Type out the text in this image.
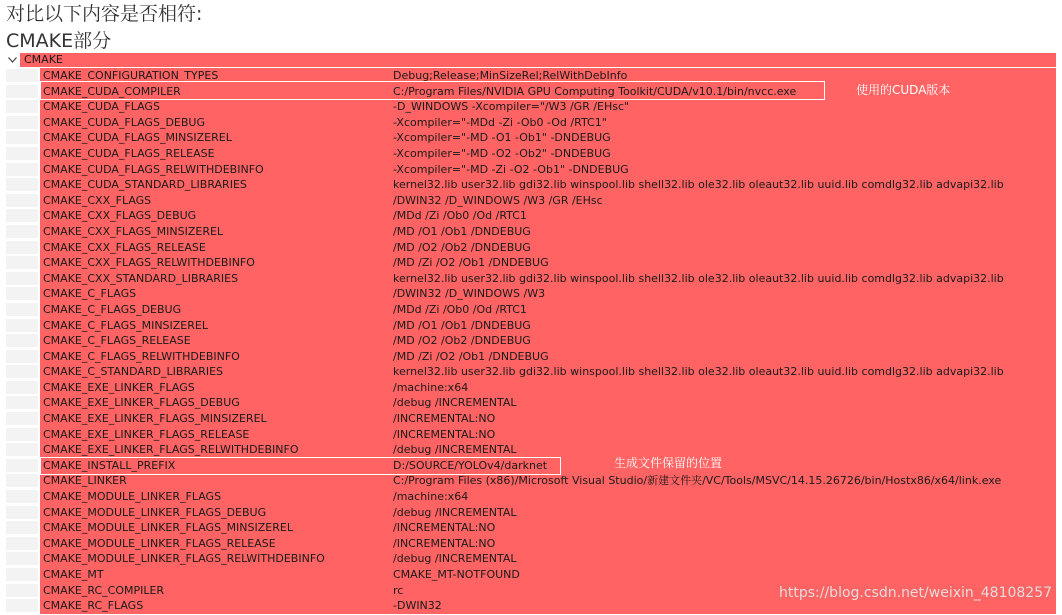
对比以下内容是否相符:
CMAKE部分
CMAKE
CMAKE_CONFIGURATION_TYPES	Debug;Release;MinSizeRel;RelWithDebInfo
CMAKE_CUDA_COMPILER	C:/Program Files/NVIDIA GPU Computing Toolkit/CUDA/v10.1/bin/nvcc.exe
CMAKE_CUDA_FLAGS	-D_WINDOWS -Xcompiler="/W3 /GR /EHsc"
CMAKE_CUDA_FLAGS_DEBUG	-Xcompiler="-MDd -Zi -Ob0 -Od /RTC1"
CMAKE_CUDA_FLAGS_MINSIZEREL	-Xcompiler="-MD -O1 -Ob1" -DNDEBUG
CMAKE_CUDA_FLAGS_RELEASE	-Xcompiler="-MD -O2 -Ob2" -DNDEBUG
CMAKE_CUDA_FLAGS_RELWITHDEBINFO	-Xcompiler="-MD -Zi -O2 -Ob1" -DNDEBUG
CMAKE_CUDA_STANDARD_LIBRARIES	kernel32.lib user32.lib gdi32.lib winspool.lib shell32.lib ole32.lib oleaut32.lib uuid.lib comdlg32.lib advapi32.lib
CMAKE_CXX_FLAGS	/DWIN32 /D_WINDOWS /W3 /GR /EHsc
CMAKE_CXX_FLAGS_DEBUG	/MDd /Zi /Ob0 /Od /RTC1
CMAKE_CXX_FLAGS_MINSIZEREL	/MD /O1 /Ob1 /DNDEBUG
CMAKE_CXX_FLAGS_RELEASE	/MD /O2 /Ob2 /DNDEBUG
CMAKE_CXX_FLAGS_RELWITHDEBINFO	/MD /Zi /O2 /Ob1 /DNDEBUG
CMAKE_CXX_STANDARD_LIBRARIES	kernel32.lib user32.lib gdi32.lib winspool.lib shell32.lib ole32.lib oleaut32.lib uuid.lib comdlg32.lib advapi32.lib
CMAKE_C_FLAGS	/DWIN32 /D_WINDOWS /W3
CMAKE_C_FLAGS_DEBUG	/MDd /Zi /Ob0 /Od /RTC1
CMAKE_C_FLAGS_MINSIZEREL	/MD /O1 /Ob1 /DNDEBUG
CMAKE_C_FLAGS_RELEASE	/MD /O2 /Ob2 /DNDEBUG
CMAKE_C_FLAGS_RELWITHDEBINFO	/MD /Zi /O2 /Ob1 /DNDEBUG
CMAKE_C_STANDARD_LIBRARIES	kernel32.lib user32.lib gdi32.lib winspool.lib shell32.lib ole32.lib oleaut32.lib uuid.lib comdlg32.lib advapi32.lib
CMAKE_EXE_LINKER_FLAGS	/machine:x64
CMAKE_EXE_LINKER_FLAGS_DEBUG	/debug /INCREMENTAL
CMAKE_EXE_LINKER_FLAGS_MINSIZEREL	/INCREMENTAL:NO
CMAKE_EXE_LINKER_FLAGS_RELEASE	/INCREMENTAL:NO
CMAKE_EXE_LINKER_FLAGS_RELWITHDEBINFO	/debug /INCREMENTAL
CMAKE_INSTALL_PREFIX	D:/SOURCE/YOLOv4/darknet
CMAKE_LINKER	C:/Program Files (x86)/Microsoft Visual Studio/新建文件夹/VC/Tools/MSVC/14.15.26726/bin/Hostx86/x64/link.exe
CMAKE_MODULE_LINKER_FLAGS	/machine:x64
CMAKE_MODULE_LINKER_FLAGS_DEBUG	/debug /INCREMENTAL
CMAKE_MODULE_LINKER_FLAGS_MINSIZEREL	/INCREMENTAL:NO
CMAKE_MODULE_LINKER_FLAGS_RELEASE	/INCREMENTAL:NO
CMAKE_MODULE_LINKER_FLAGS_RELWITHDEBINFO	/debug /INCREMENTAL
CMAKE_MT	CMAKE_MT-NOTFOUND
CMAKE_RC_COMPILER	rc
CMAKE_RC_FLAGS	-DWIN32
使用的CUDA版本
生成文件保留的位置
https://blog.csdn.net/weixin_48108257
